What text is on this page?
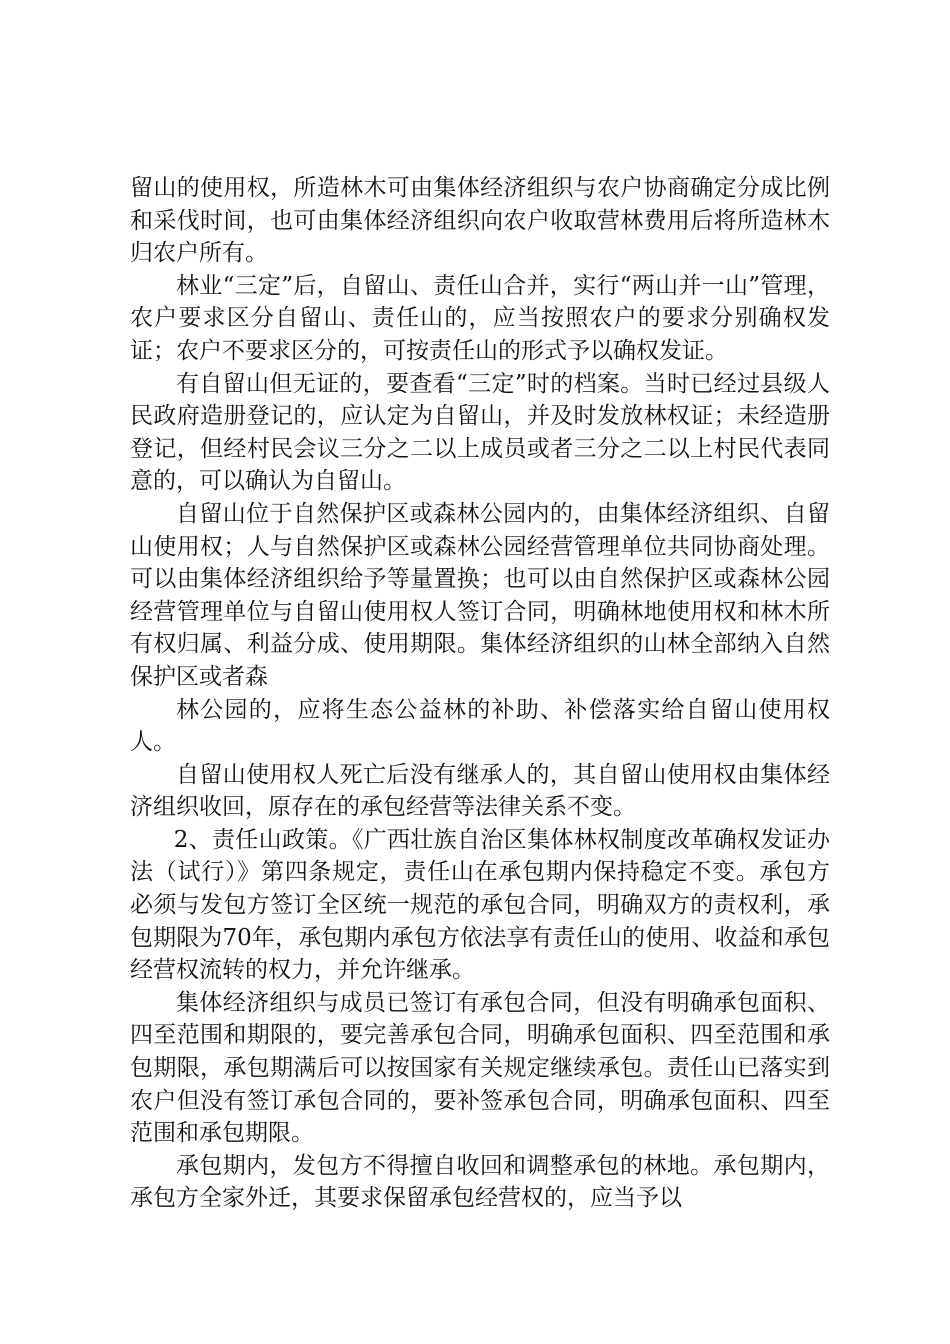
留山的使用权，所造林木可由集体经济组织与农户协商确定分成比例和采伐时间，也可由集体经济组织向农户收取营林费用后将所造林木归农户所有。

林业“三定”后，自留山、责任山合并，实行“两山并一山”管理，农户要求区分自留山、责任山的，应当按照农户的要求分别确权发证；农户不要求区分的，可按责任山的形式予以确权发证。

有自留山但无证的，要查看“三定”时的档案。当时已经过县级人民政府造册登记的，应认定为自留山，并及时发放林权证；未经造册登记，但经村民会议三分之二以上成员或者三分之二以上村民代表同意的，可以确认为自留山。

自留山位于自然保护区或森林公园内的，由集体经济组织、自留山使用权；人与自然保护区或森林公园经营管理单位共同协商处理。可以由集体经济组织给予等量置换；也可以由自然保护区或森林公园经营管理单位与自留山使用权人签订合同，明确林地使用权和林木所有权归属、利益分成、使用期限。集体经济组织的山林全部纳入自然保护区或者森

林公园的，应将生态公益林的补助、补偿落实给自留山使用权人。

自留山使用权人死亡后没有继承人的，其自留山使用权由集体经济组织收回，原存在的承包经营等法律关系不变。

2、责任山政策。《广西壮族自治区集体林权制度改革确权发证办法（试行）》第四条规定，责任山在承包期内保持稳定不变。承包方必须与发包方签订全区统一规范的承包合同，明确双方的责权利，承包期限为70年，承包期内承包方依法享有责任山的使用、收益和承包经营权流转的权力，并允许继承。

集体经济组织与成员已签订有承包合同，但没有明确承包面积、四至范围和期限的，要完善承包合同，明确承包面积、四至范围和承包期限，承包期满后可以按国家有关规定继续承包。责任山已落实到农户但没有签订承包合同的，要补签承包合同，明确承包面积、四至范围和承包期限。

承包期内，发包方不得擅自收回和调整承包的林地。承包期内，承包方全家外迁，其要求保留承包经营权的，应当予以
